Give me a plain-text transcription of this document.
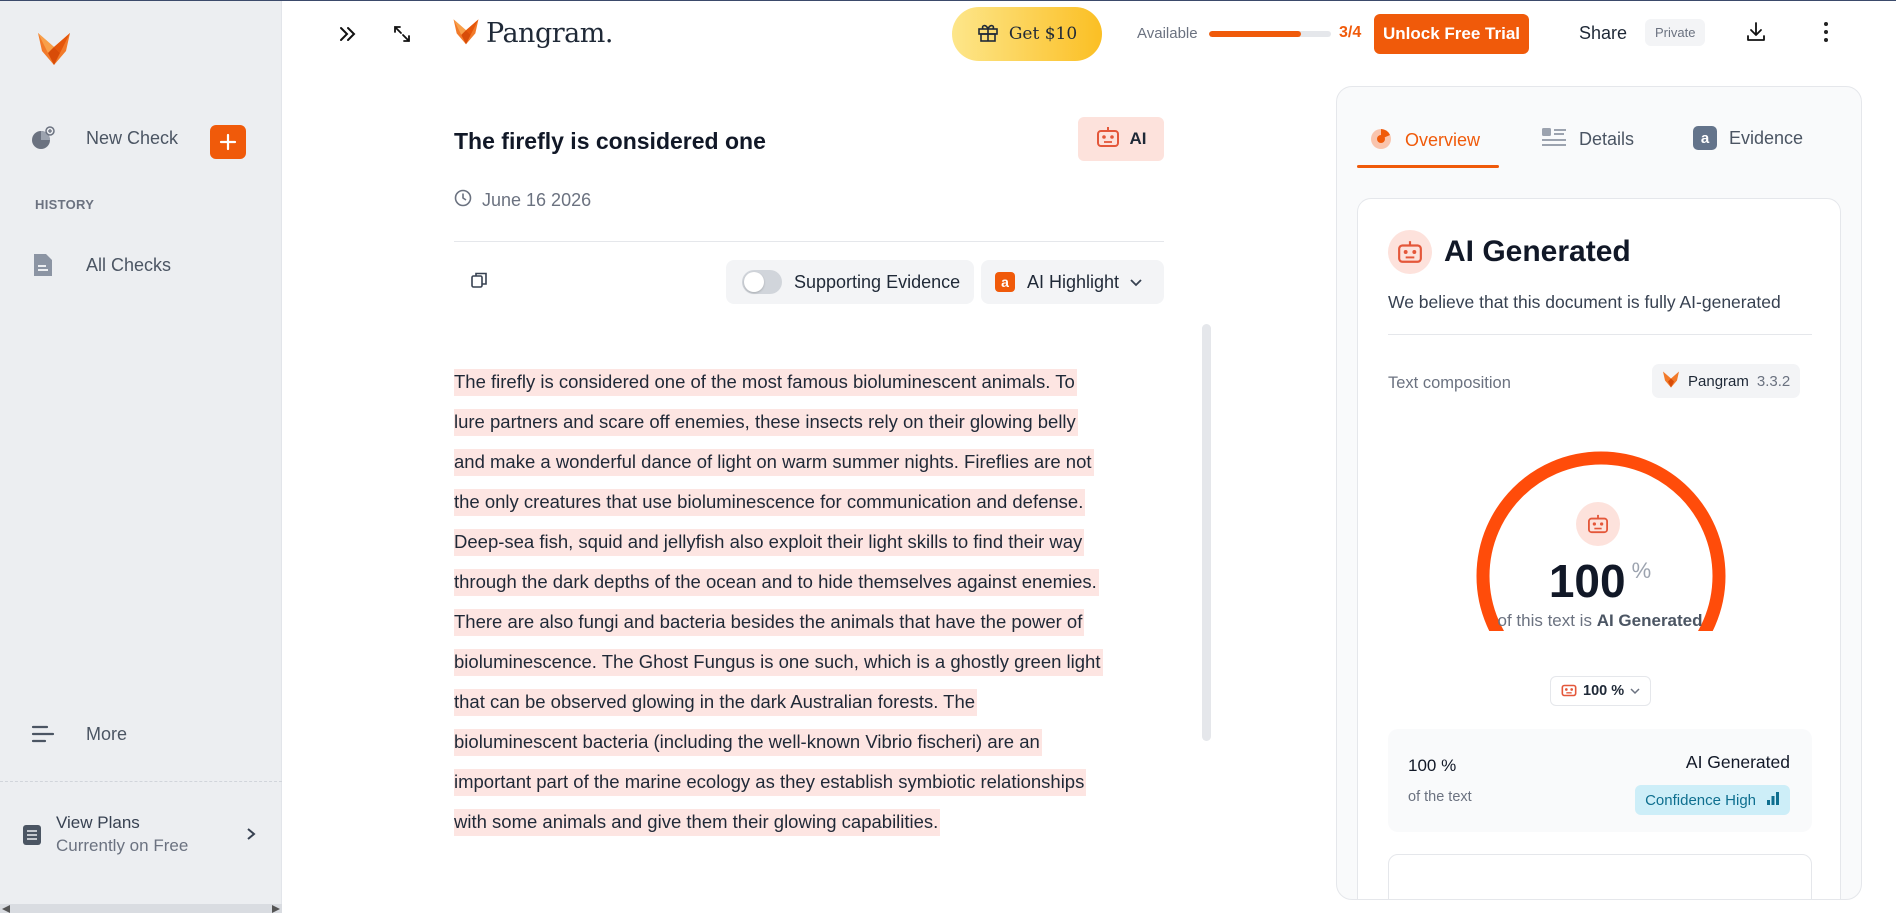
New Check
HISTORY
All Checks
More
View Plans
Currently on Free
Pangram.	Get $10	Available	3/4	Unlock Free Trial	Share	Private
The firefly is considered one	AI
June 16 2026
Supporting Evidence	a	AI Highlight
The firefly is considered one of the most famous bioluminescent animals. To
lure partners and scare off enemies, these insects rely on their glowing belly
and make a wonderful dance of light on warm summer nights. Fireflies are not
the only creatures that use bioluminescence for communication and defense.
Deep-sea fish, squid and jellyfish also exploit their light skills to find their way
through the dark depths of the ocean and to hide themselves against enemies.
There are also fungi and bacteria besides the animals that have the power of
bioluminescence. The Ghost Fungus is one such, which is a ghostly green light
that can be observed glowing in the dark Australian forests. The
bioluminescent bacteria (including the well-known Vibrio fischeri) are an
important part of the marine ecology as they establish symbiotic relationships
with some animals and give them their glowing capabilities.
Overview	Details	a	Evidence
AI Generated
We believe that this document is fully AI-generated
Text composition	Pangram 3.3.2
100 %
of this text is AI Generated
100 %
100 %
of the text
AI Generated
Confidence High
